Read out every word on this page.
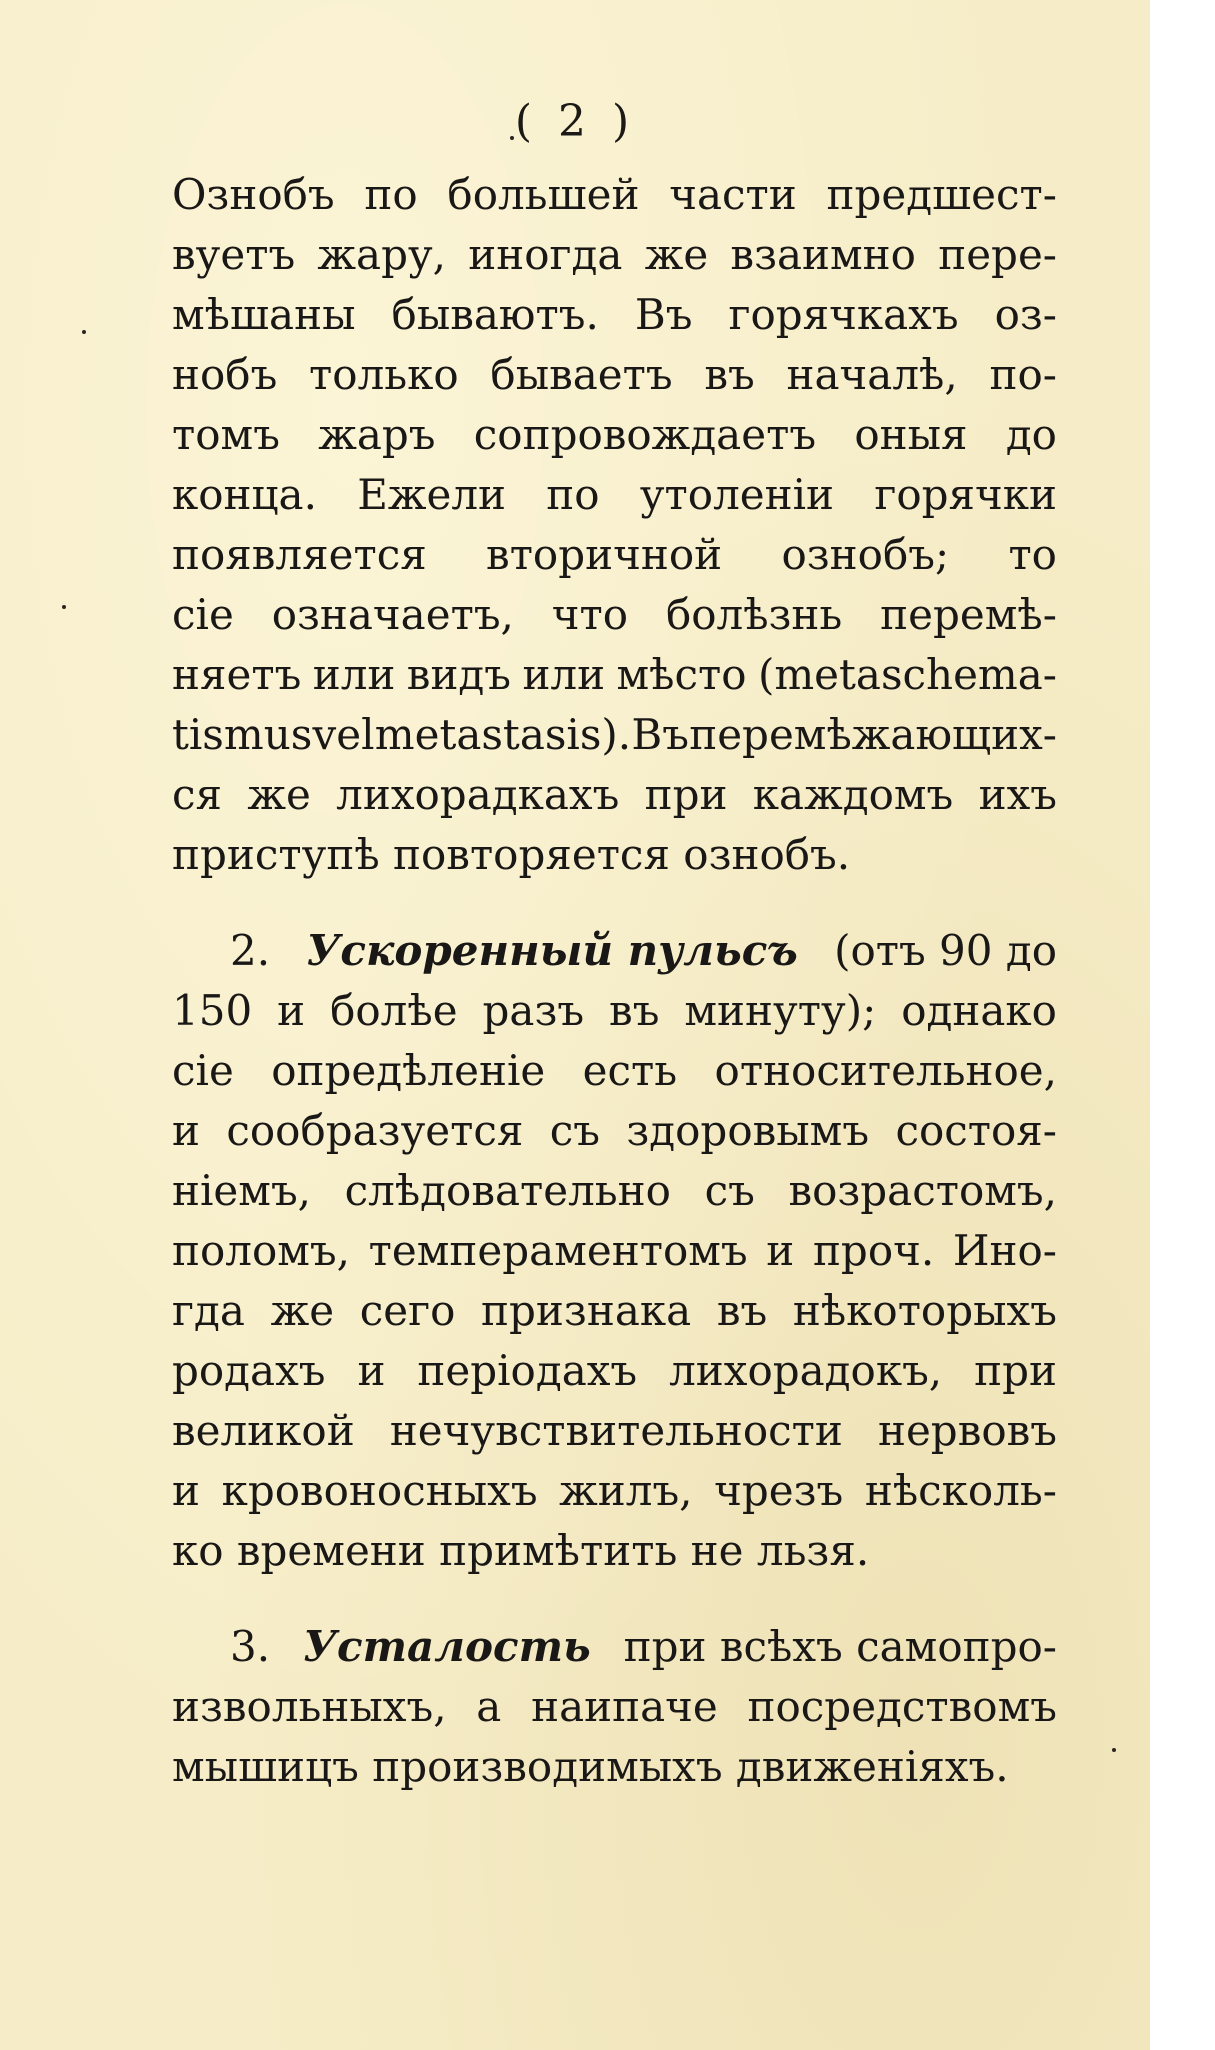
( 2 )
Ознобъ по большей части предшест-
вуетъ жару, иногда же взаимно пере-
мѣшаны бываютъ. Въ горячкахъ оз-
нобъ только бываетъ въ началѣ, по-
томъ жаръ сопровождаетъ оныя до
конца. Ежели по утоленіи горячки
появляется вторичной ознобъ; то
сіе означаетъ, что болѣзнь перемѣ-
няетъ или видъ или мѣсто (metaschema-
tismus vel metastasis). Въ перемѣжающих-
ся же лихорадкахъ при каждомъ ихъ
приступѣ повторяется ознобъ.
2. Ускоренный пульсъ (отъ 90 до
150 и болѣе разъ въ минуту); однако
сіе опредѣленіе есть относительное,
и сообразуется съ здоровымъ состоя-
ніемъ, слѣдовательно съ возрастомъ,
поломъ, темпераментомъ и проч. Ино-
гда же сего признака въ нѣкоторыхъ
родахъ и періодахъ лихорадокъ, при
великой нечувствительности нервовъ
и кровоносныхъ жилъ, чрезъ нѣсколь-
ко времени примѣтить не льзя.
3. Усталость при всѣхъ самопро-
извольныхъ, а наипаче посредствомъ
мышицъ производимыхъ движеніяхъ.
